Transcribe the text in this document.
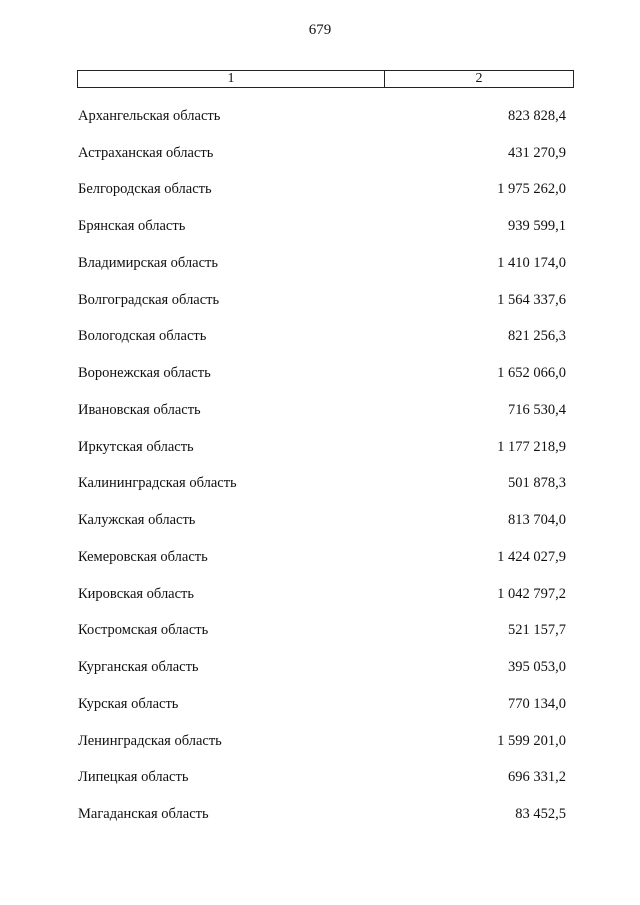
679
1	2
Архангельская область	823 828,4
Астраханская область	431 270,9
Белгородская область	1 975 262,0
Брянская область	939 599,1
Владимирская область	1 410 174,0
Волгоградская область	1 564 337,6
Вологодская область	821 256,3
Воронежская область	1 652 066,0
Ивановская область	716 530,4
Иркутская область	1 177 218,9
Калининградская область	501 878,3
Калужская область	813 704,0
Кемеровская область	1 424 027,9
Кировская область	1 042 797,2
Костромская область	521 157,7
Курганская область	395 053,0
Курская область	770 134,0
Ленинградская область	1 599 201,0
Липецкая область	696 331,2
Магаданская область	83 452,5
